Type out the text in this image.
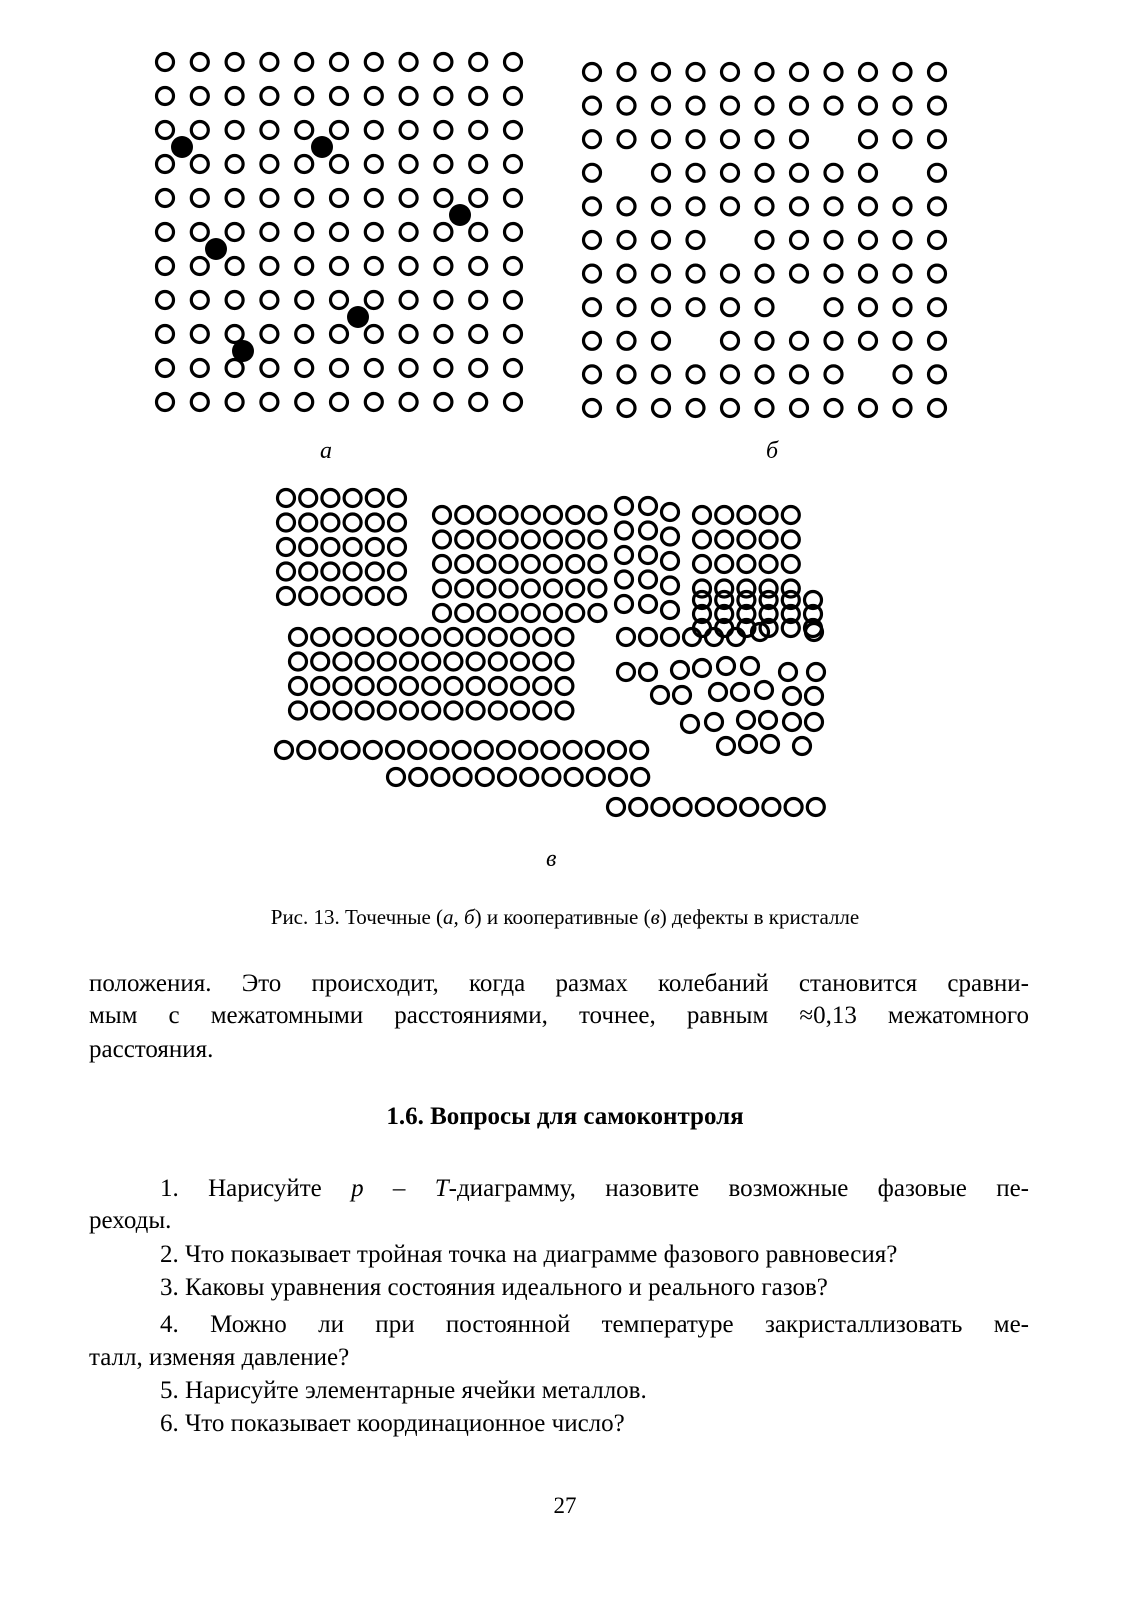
а	б
в
Рис. 13. Точечные (а, б) и кооперативные (в) дефекты в кристалле
положения. Это происходит, когда размах колебаний становится сравни-
мым с межатомными расстояниями, точнее, равным ≈0,13 межатомного
расстояния.
1.6. Вопросы для самоконтроля
1. Нарисуйте p – T-диаграмму, назовите возможные фазовые пе-
реходы.
2. Что показывает тройная точка на диаграмме фазового равновесия?
3. Каковы уравнения состояния идеального и реального газов?
4. Можно ли при постоянной температуре закристаллизовать ме-
талл, изменяя давление?
5. Нарисуйте элементарные ячейки металлов.
6. Что показывает координационное число?
27
